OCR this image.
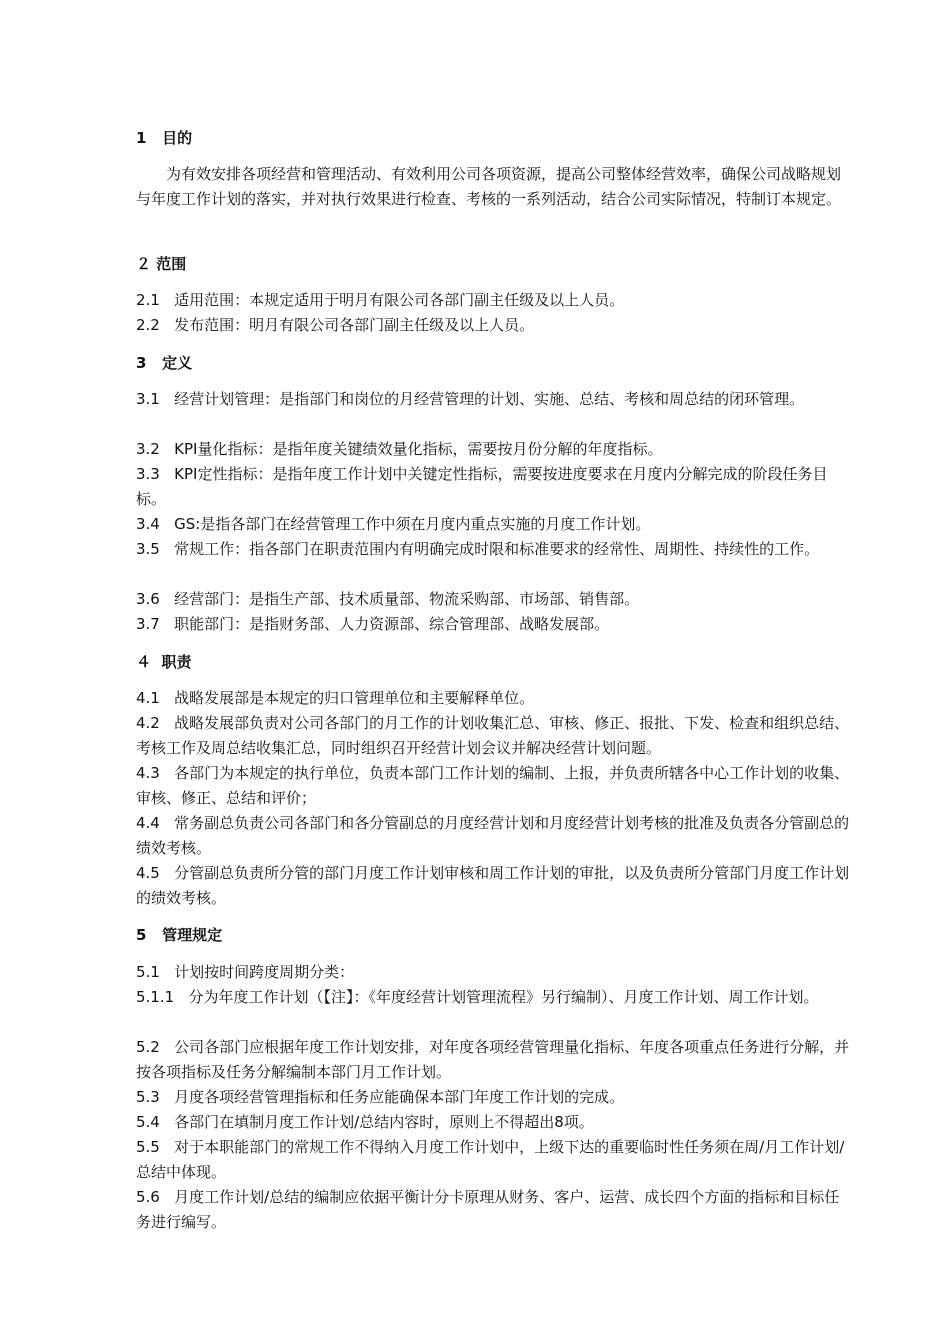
1   目的
为有效安排各项经营和管理活动、有效利用公司各项资源，提高公司整体经营效率，确保公司战略规划与年度工作计划的落实，并对执行效果进行检查、考核的一系列活动，结合公司实际情况，特制订本规定。
２ 范围
2.1   适用范围：本规定适用于明月有限公司各部门副主任级及以上人员。
2.2   发布范围：明月有限公司各部门副主任级及以上人员。
3   定义
3.1   经营计划管理：是指部门和岗位的月经营管理的计划、实施、总结、考核和周总结的闭环管理。
3.2   KPI量化指标：是指年度关键绩效量化指标，需要按月份分解的年度指标。
3.3   KPI定性指标：是指年度工作计划中关键定性指标，需要按进度要求在月度内分解完成的阶段任务目标。
3.4   GS:是指各部门在经营管理工作中须在月度内重点实施的月度工作计划。
3.5   常规工作：指各部门在职责范围内有明确完成时限和标准要求的经常性、周期性、持续性的工作。
3.6   经营部门：是指生产部、技术质量部、物流采购部、市场部、销售部。
3.7   职能部门：是指财务部、人力资源部、综合管理部、战略发展部。
４  职责
4.1   战略发展部是本规定的归口管理单位和主要解释单位。
4.2   战略发展部负责对公司各部门的月工作的计划收集汇总、审核、修正、报批、下发、检查和组织总结、考核工作及周总结收集汇总，同时组织召开经营计划会议并解决经营计划问题。
4.3   各部门为本规定的执行单位，负责本部门工作计划的编制、上报，并负责所辖各中心工作计划的收集、审核、修正、总结和评价；
4.4   常务副总负责公司各部门和各分管副总的月度经营计划和月度经营计划考核的批准及负责各分管副总的绩效考核。
4.5   分管副总负责所分管的部门月度工作计划审核和周工作计划的审批，以及负责所分管部门月度工作计划的绩效考核。
5   管理规定
5.1   计划按时间跨度周期分类：
5.1.1   分为年度工作计划（【注】：《年度经营计划管理流程》另行编制）、月度工作计划、周工作计划。
5.2   公司各部门应根据年度工作计划安排，对年度各项经营管理量化指标、年度各项重点任务进行分解，并按各项指标及任务分解编制本部门月工作计划。
5.3   月度各项经营管理指标和任务应能确保本部门年度工作计划的完成。
5.4   各部门在填制月度工作计划/总结内容时，原则上不得超出8项。
5.5   对于本职能部门的常规工作不得纳入月度工作计划中，上级下达的重要临时性任务须在周/月工作计划/总结中体现。
5.6   月度工作计划/总结的编制应依据平衡计分卡原理从财务、客户、运营、成长四个方面的指标和目标任务进行编写。
